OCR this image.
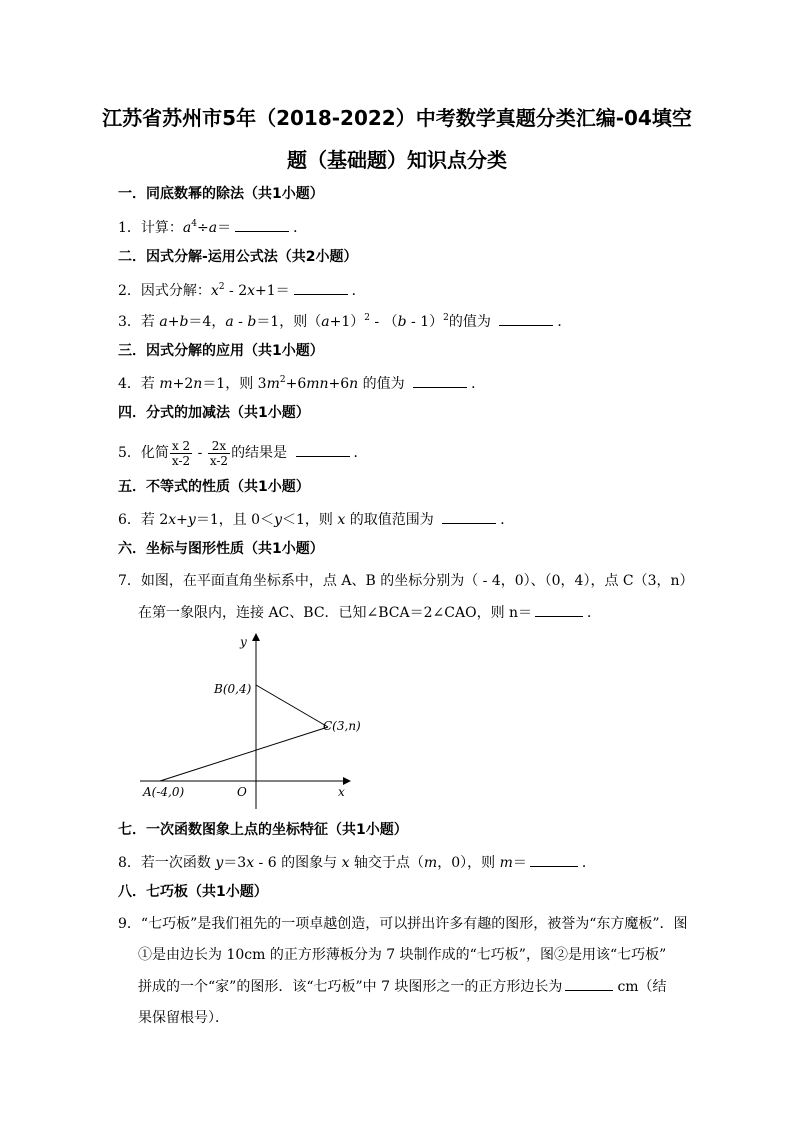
江苏省苏州市5年（2018-2022）中考数学真题分类汇编-04填空
题（基础题）知识点分类
一．同底数幂的除法（共1小题）
1．计算：$a^4\div a=$	．
二．因式分解-运用公式法（共2小题）
2．因式分解：$x^2 - 2x+1=$	．
3．若 a+b＝4，a - b＝1，则$(a+1)^2 - (b - 1)^2$的值为	．
三．因式分解的应用（共1小题）
4．若 m+2n＝1，则 $3m^2+6mn+6n$ 的值为	．
四．分式的加减法（共1小题）
5．化简 $\frac{x 2}{x-2} - \frac{2x}{x-2}$ 的结果是	．
五．不等式的性质（共1小题）
6．若 2x+y＝1，且 0＜y＜1，则 x 的取值范围为	．
六．坐标与图形性质（共1小题）
7．如图，在平面直角坐标系中，点 A、B 的坐标分别为（ - 4，0）、（0，4），点 C（3，n）
在第一象限内，连接 AC、BC．已知∠BCA＝2∠CAO，则 n＝	．
y
x
O
B(0,4)
C(3,n)
A(-4,0)
七．一次函数图象上点的坐标特征（共1小题）
8．若一次函数 y＝3x - 6 的图象与 x 轴交于点（m，0），则 m＝	．
八．七巧板（共1小题）
9．“七巧板”是我们祖先的一项卓越创造，可以拼出许多有趣的图形，被誉为“东方魔板”．图
①是由边长为 10cm 的正方形薄板分为 7 块制作成的“七巧板”，图②是用该“七巧板”
拼成的一个“家”的图形．该“七巧板”中 7 块图形之一的正方形边长为	cm（结
果保留根号）．
